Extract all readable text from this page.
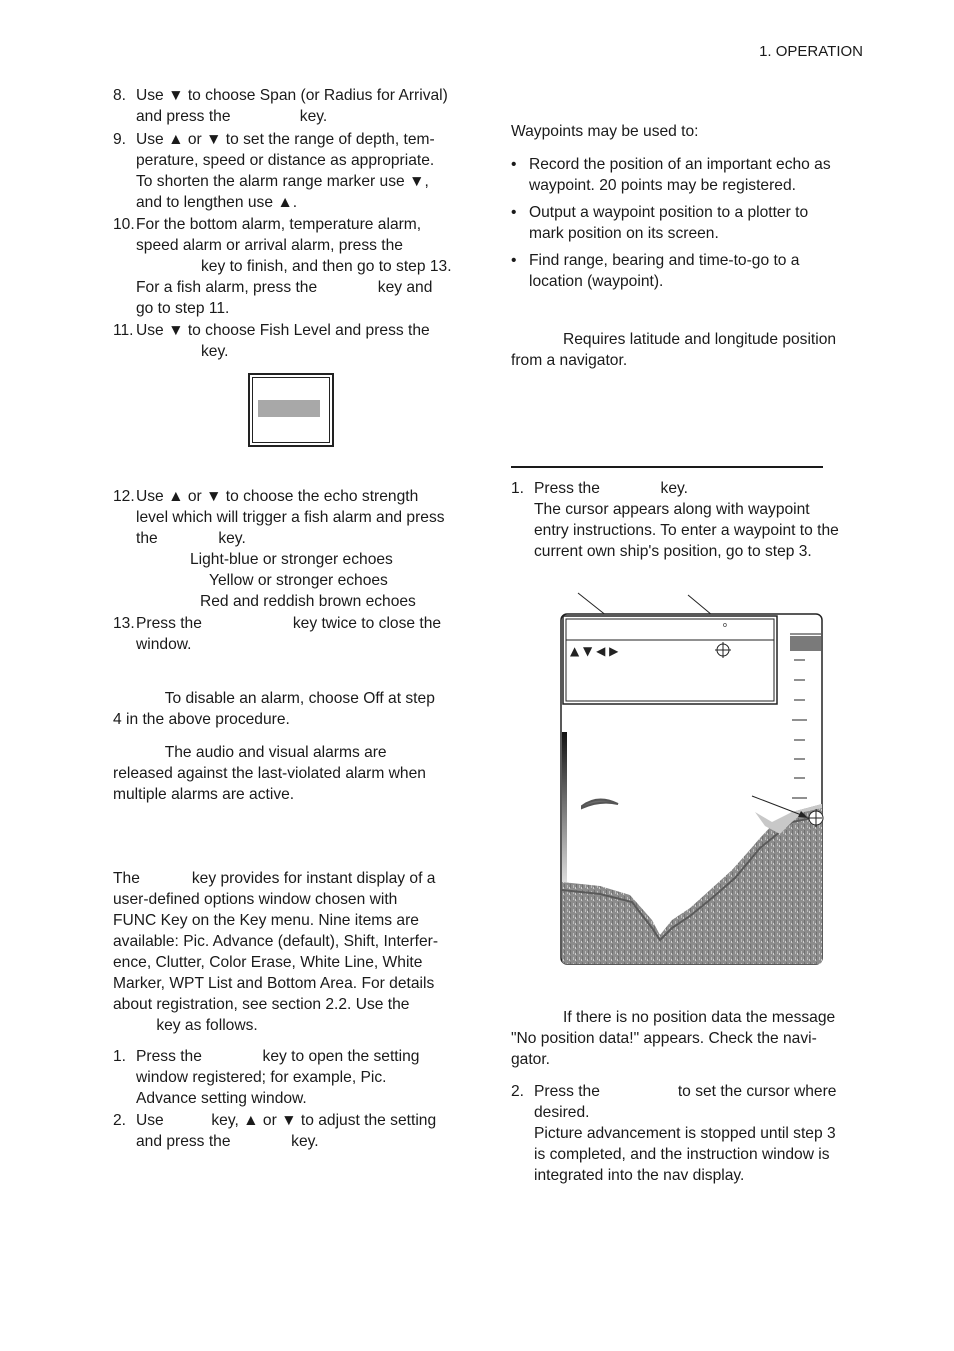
1. OPERATION
8. Use ▼ to choose Span (or Radius for Arrival)
and press the                key.
9. Use ▲ or ▼ to set the range of depth, tem-
perature, speed or distance as appropriate.
To shorten the alarm range marker use ▼,
and to lengthen use ▲.
10. For the bottom alarm, temperature alarm,
speed alarm or arrival alarm, press the
key to finish, and then go to step 13.
For a fish alarm, press the              key and
go to step 11.
11. Use ▼ to choose Fish Level and press the
key.
12. Use ▲ or ▼ to choose the echo strength
level which will trigger a fish alarm and press
the              key.
Light-blue or stronger echoes
Yellow or stronger echoes
Red and reddish brown echoes
13. Press the                     key twice to close the
window.
To disable an alarm, choose Off at step
4 in the above procedure.
The audio and visual alarms are
released against the last-violated alarm when
multiple alarms are active.
The            key provides for instant display of a
user-defined options window chosen with
FUNC Key on the Key menu. Nine items are
available: Pic. Advance (default), Shift, Interfer-
ence, Clutter, Color Erase, White Line, White
Marker, WPT List and Bottom Area. For details
about registration, see section 2.2. Use the
key as follows.
1. Press the              key to open the setting
window registered; for example, Pic.
Advance setting window.
2. Use           key, ▲ or ▼ to adjust the setting
and press the              key.
Waypoints may be used to:
• Record the position of an important echo as
waypoint. 20 points may be registered.
• Output a waypoint position to a plotter to
mark position on its screen.
• Find range, bearing and time-to-go to a
location (waypoint).
Requires latitude and longitude position
from a navigator.
1. Press the              key.
The cursor appears along with waypoint
entry instructions. To enter a waypoint to the
current own ship's position, go to step 3.
o
▲ ▼ ◀ ▶
If there is no position data the message
"No position data!" appears. Check the navi-
gator.
2. Press the                  to set the cursor where
desired.
Picture advancement is stopped until step 3
is completed, and the instruction window is
integrated into the nav display.
